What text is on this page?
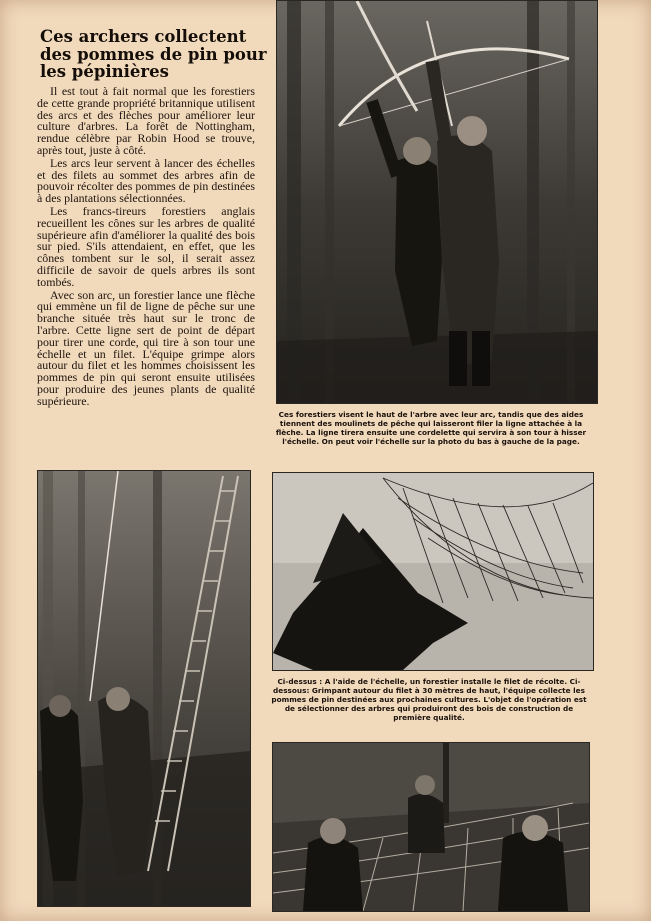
Ces archers collectent des pommes de pin pour les pépinières

Il est tout à fait normal que les forestiers de cette grande propriété britannique utilisent des arcs et des flèches pour améliorer leur culture d'arbres. La forêt de Nottingham, rendue célèbre par Robin Hood se trouve, après tout, juste à côté.

Les arcs leur servent à lancer des échelles et des filets au sommet des arbres afin de pouvoir récolter des pommes de pin destinées à des plantations sélectionnées.

Les francs-tireurs forestiers anglais recueillent les cônes sur les arbres de qualité supérieure afin d'améliorer la qualité des bois sur pied. S'ils attendaient, en effet, que les cônes tombent sur le sol, il serait assez difficile de savoir de quels arbres ils sont tombés.

Avec son arc, un forestier lance une flèche qui emmène un fil de ligne de pêche sur une branche située très haut sur le tronc de l'arbre. Cette ligne sert de point de départ pour tirer une corde, qui tire à son tour une échelle et un filet. L'équipe grimpe alors autour du filet et les hommes choisissent les pommes de pin qui seront ensuite utilisées pour produire des jeunes plants de qualité supérieure.

Ces forestiers visent le haut de l'arbre avec leur arc, tandis que des aides tiennent des moulinets de pêche qui laisseront filer la ligne attachée à la flèche. La ligne tirera ensuite une cordelette qui servira à son tour à hisser l'échelle. On peut voir l'échelle sur la photo du bas à gauche de la page.

Ci-dessus : A l'aide de l'échelle, un forestier installe le filet de récolte. Ci-dessous: Grimpant autour du filet à 30 mètres de haut, l'équipe collecte les pommes de pin destinées aux prochaines cultures. L'objet de l'opération est de sélectionner des arbres qui produiront des bois de construction de première qualité.
